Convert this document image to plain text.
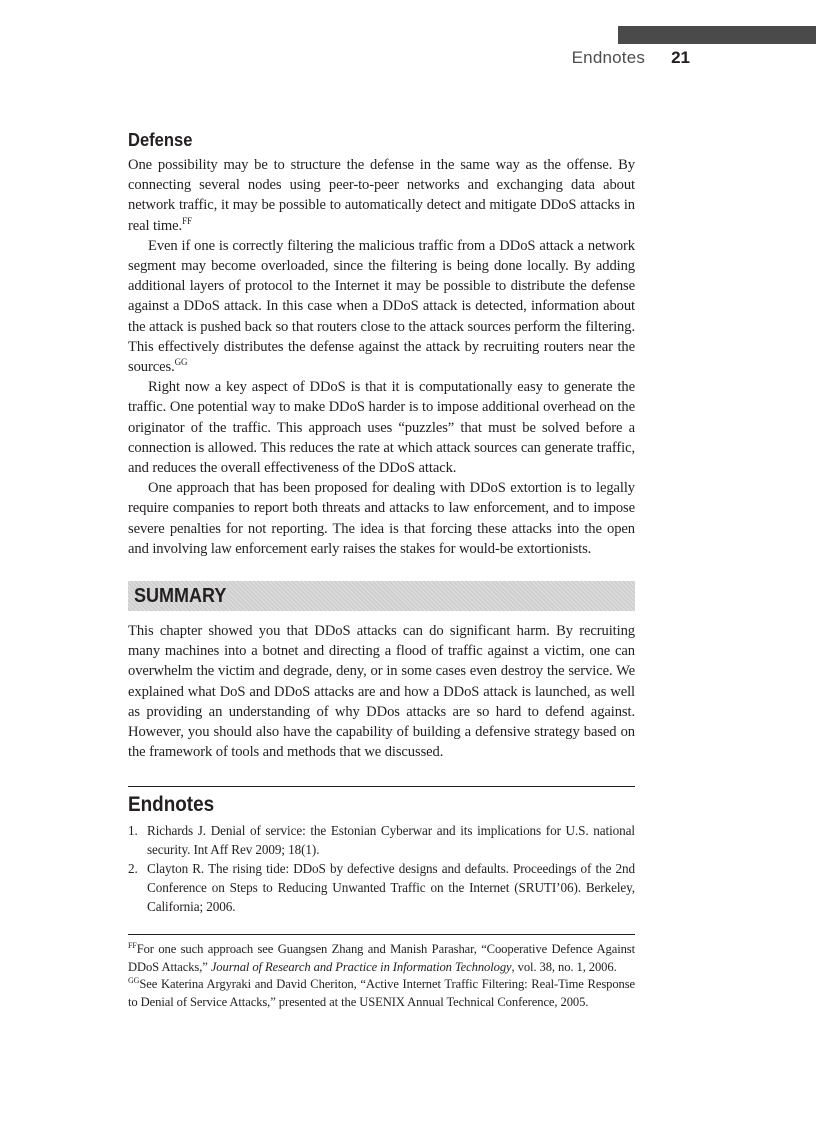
Endnotes 21
Defense

One possibility may be to structure the defense in the same way as the offense. By connecting several nodes using peer-to-peer networks and exchanging data about network traffic, it may be possible to automatically detect and mitigate DDoS attacks in real time.$^{FF}$

Even if one is correctly filtering the malicious traffic from a DDoS attack a network segment may become overloaded, since the filtering is being done locally. By adding additional layers of protocol to the Internet it may be possible to distribute the defense against a DDoS attack. In this case when a DDoS attack is detected, information about the attack is pushed back so that routers close to the attack sources perform the filtering. This effectively distributes the defense against the attack by recruiting routers near the sources.$^{GG}$

Right now a key aspect of DDoS is that it is computationally easy to generate the traffic. One potential way to make DDoS harder is to impose additional overhead on the originator of the traffic. This approach uses “puzzles” that must be solved before a connection is allowed. This reduces the rate at which attack sources can generate traffic, and reduces the overall effectiveness of the DDoS attack.

One approach that has been proposed for dealing with DDoS extortion is to legally require companies to report both threats and attacks to law enforcement, and to impose severe penalties for not reporting. The idea is that forcing these attacks into the open and involving law enforcement early raises the stakes for would-be extortionists.

SUMMARY

This chapter showed you that DDoS attacks can do significant harm. By recruiting many machines into a botnet and directing a flood of traffic against a victim, one can overwhelm the victim and degrade, deny, or in some cases even destroy the service. We explained what DoS and DDoS attacks are and how a DDoS attack is launched, as well as providing an understanding of why DDos attacks are so hard to defend against. However, you should also have the capability of building a defensive strategy based on the framework of tools and methods that we discussed.

Endnotes
1. Richards J. Denial of service: the Estonian Cyberwar and its implications for U.S. national security. Int Aff Rev 2009; 18(1).
2. Clayton R. The rising tide: DDoS by defective designs and defaults. Proceedings of the 2nd Conference on Steps to Reducing Unwanted Traffic on the Internet (SRUTI’06). Berkeley, California; 2006.

$^{FF}$For one such approach see Guangsen Zhang and Manish Parashar, “Cooperative Defence Against DDoS Attacks,” Journal of Research and Practice in Information Technology, vol. 38, no. 1, 2006.

$^{GG}$See Katerina Argyraki and David Cheriton, “Active Internet Traffic Filtering: Real-Time Response to Denial of Service Attacks,” presented at the USENIX Annual Technical Conference, 2005.
